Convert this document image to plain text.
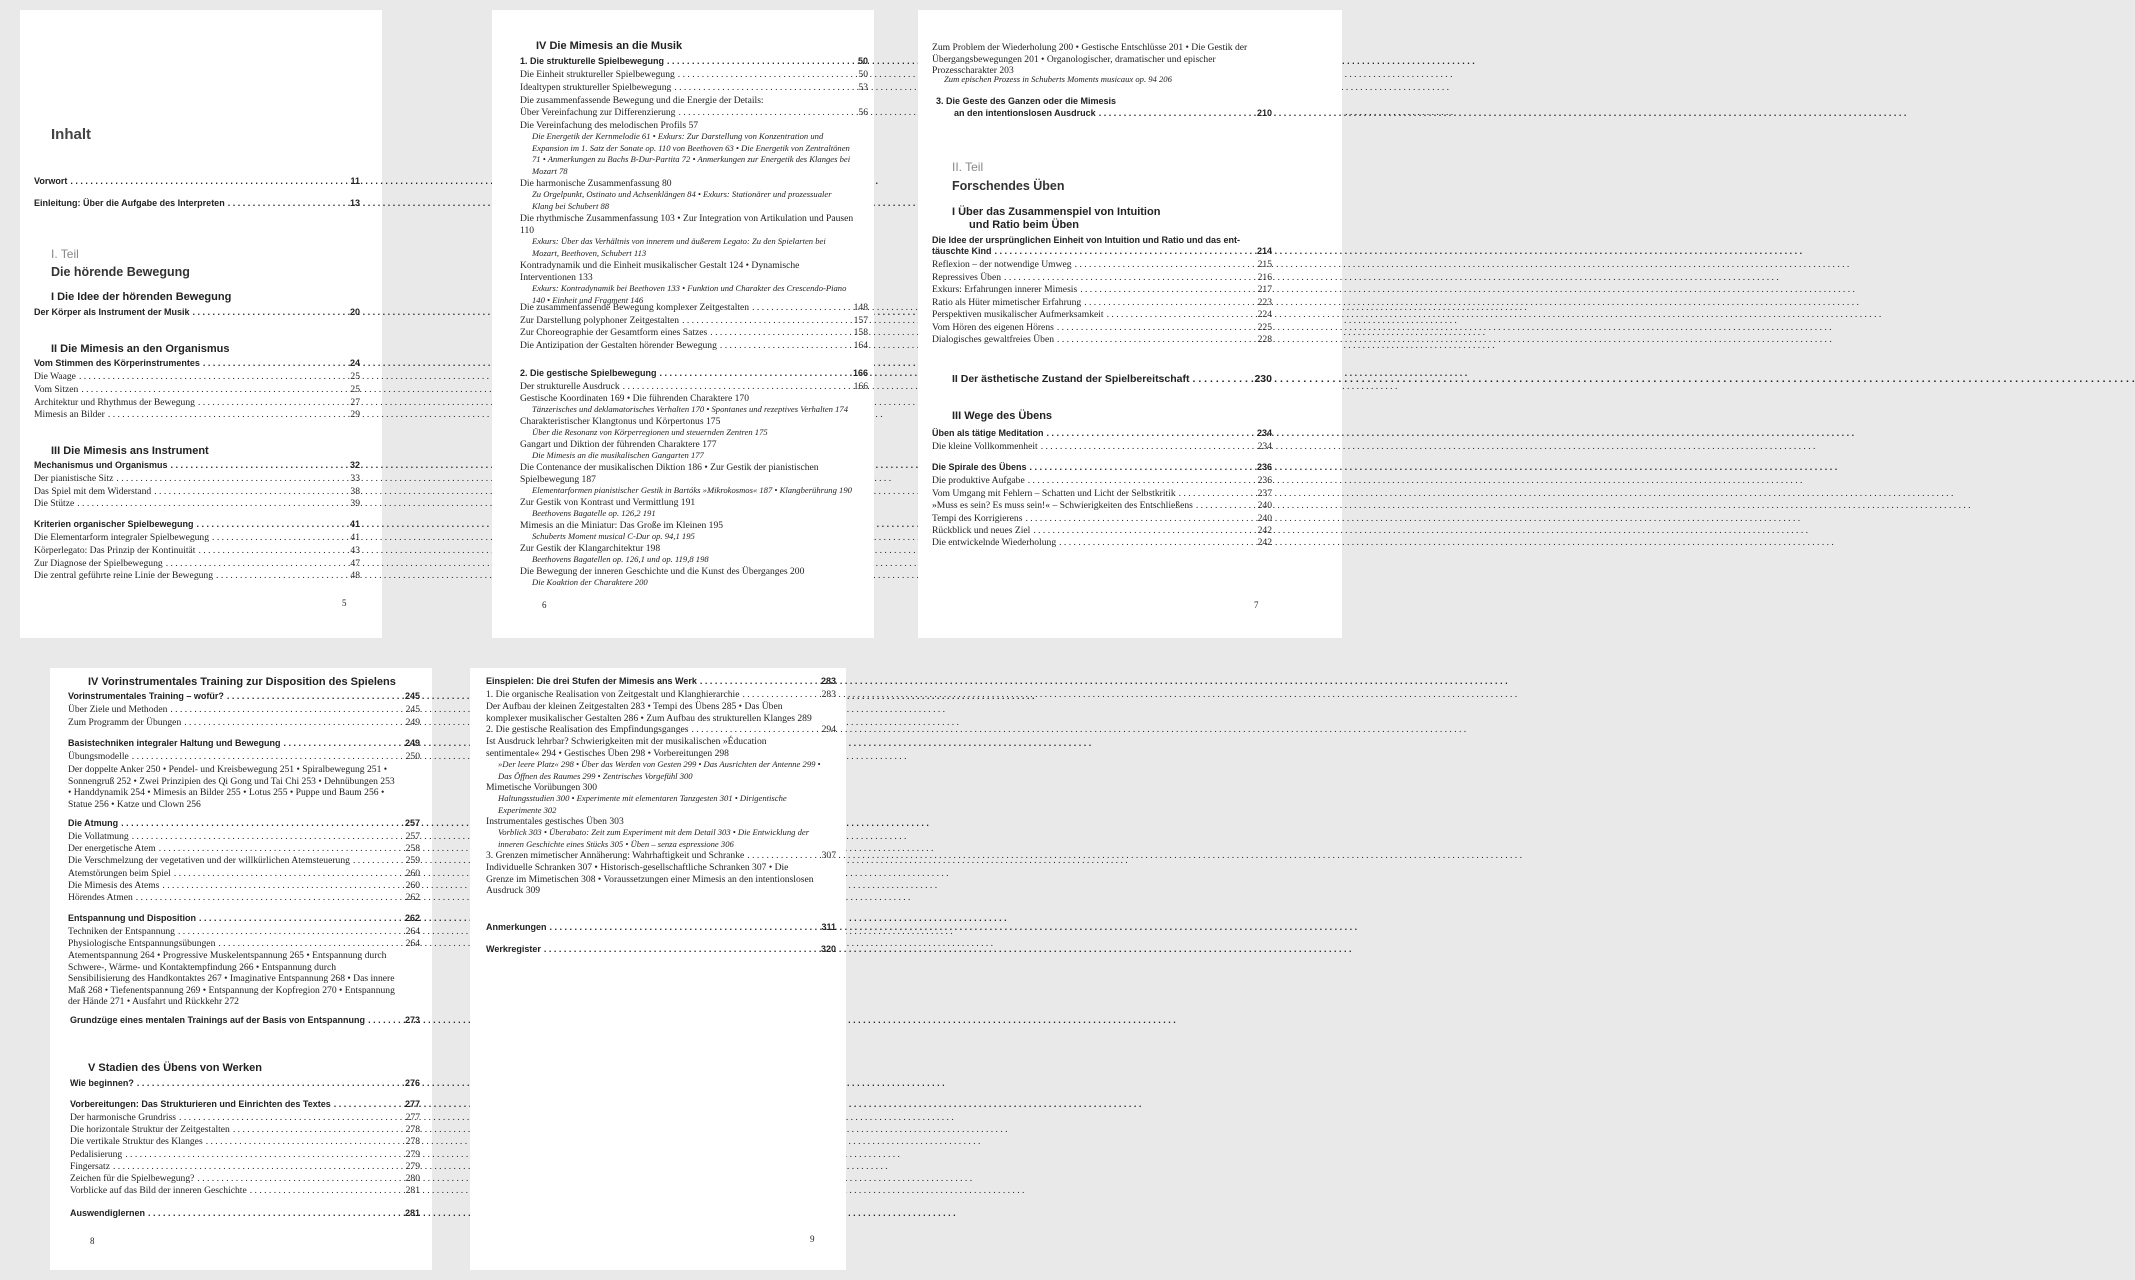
Inhalt
Vorwort . . .	11
Einleitung: Über die Aufgabe des Interpreten . . .	13
I. Teil
Die hörende Bewegung
I Die Idee der hörenden Bewegung
Der Körper als Instrument der Musik . . .	20
II Die Mimesis an den Organismus
Vom Stimmen des Körperinstrumentes . . .	24
Die Waage . . .	25
Vom Sitzen . . .	25
Architektur und Rhythmus der Bewegung . . .	27
Mimesis an Bilder . . .	29
III Die Mimesis ans Instrument
Mechanismus und Organismus . . .	32
Der pianistische Sitz . . .	33
Das Spiel mit dem Widerstand . . .	38
Die Stütze . . .	39
Kriterien organischer Spielbewegung . . .	41
Die Elementarform integraler Spielbewegung . . .	41
Körperlegato: Das Prinzip der Kontinuität . . .	43
Zur Diagnose der Spielbewegung . . .	47
Die zentral geführte reine Linie der Bewegung . . .	48
5
IV Die Mimesis an die Musik
1. Die strukturelle Spielbewegung . . .	50
Die Einheit struktureller Spielbewegung . . .	50
Idealtypen struktureller Spielbewegung . . .	53
Die zusammenfassende Bewegung und die Energie der Details:
Über Vereinfachung zur Differenzierung . . .	56
Die Vereinfachung des melodischen Profils 57
Die Energetik der Kernmelodie 61 • Exkurs: Zur Darstellung von Konzentration und Expansion im 1. Satz der Sonate op. 110 von Beethoven 63 • Die Energetik von Zentraltönen 71 • Anmerkungen zu Bachs B-Dur-Partita 72 • Anmerkungen zur Energetik des Klanges bei Mozart 78
Die harmonische Zusammenfassung 80
Zu Orgelpunkt, Ostinato und Achsenklängen 84 • Exkurs: Stationärer und prozessualer Klang bei Schubert 88
Die rhythmische Zusammenfassung 103 • Zur Integration von Artikulation und Pausen 110
Exkurs: Über das Verhältnis von innerem und äußerem Legato: Zu den Spielarten bei Mozart, Beethoven, Schubert 113
Kontradynamik und die Einheit musikalischer Gestalt 124 • Dynamische Interventionen 133
Exkurs: Kontradynamik bei Beethoven 133 • Funktion und Charakter des Crescendo-Piano 140 • Einheit und Fragment 146
Die zusammenfassende Bewegung komplexer Zeitgestalten . . .	148
Zur Darstellung polyphoner Zeitgestalten . . .	157
Zur Choreographie der Gesamtform eines Satzes . . .	158
Die Antizipation der Gestalten hörender Bewegung . . .	164
2. Die gestische Spielbewegung . . .	166
Der strukturelle Ausdruck . . .	166
Gestische Koordinaten 169 • Die führenden Charaktere 170
Tänzerisches und deklamatorisches Verhalten 170 • Spontanes und rezeptives Verhalten 174
Charakteristischer Klangtonus und Körpertonus 175
Über die Resonanz von Körperregionen und steuernden Zentren 175
Gangart und Diktion der führenden Charaktere 177
Die Mimesis an die musikalischen Gangarten 177
Die Contenance der musikalischen Diktion 186 • Zur Gestik der pianistischen Spielbewegung 187
Elementarformen pianistischer Gestik in Bartóks »Mikrokosmos« 187 • Klangberührung 190
Zur Gestik von Kontrast und Vermittlung 191
Beethovens Bagatelle op. 126,2 191
Mimesis an die Miniatur: Das Große im Kleinen 195
Schuberts Moment musical C-Dur op. 94,1 195
Zur Gestik der Klangarchitektur 198
Beethovens Bagatellen op. 126,1 und op. 119,8 198
Die Bewegung der inneren Geschichte und die Kunst des Überganges 200
Die Koaktion der Charaktere 200
6
Zum Problem der Wiederholung 200 • Gestische Entschlüsse 201 • Die Gestik der Übergangsbewegungen 201 • Organologischer, dramatischer und epischer Prozesscharakter 203
Zum epischen Prozess in Schuberts Moments musicaux op. 94 206
3. Die Geste des Ganzen oder die Mimesis
an den intentionslosen Ausdruck . . .	210
II. Teil
Forschendes Üben
I Über das Zusammenspiel von Intuition
und Ratio beim Üben
Die Idee der ursprünglichen Einheit von Intuition und Ratio und das ent-
täuschte Kind . . .	214
Reflexion – der notwendige Umweg . . .	215
Repressives Üben . . .	216
Exkurs: Erfahrungen innerer Mimesis . . .	217
Ratio als Hüter mimetischer Erfahrung . . .	223
Perspektiven musikalischer Aufmerksamkeit . . .	224
Vom Hören des eigenen Hörens . . .	225
Dialogisches gewaltfreies Üben . . .	228
II Der ästhetische Zustand der Spielbereitschaft . . .	230
III Wege des Übens
Üben als tätige Meditation . . .	234
Die kleine Vollkommenheit . . .	234
Die Spirale des Übens . . .	236
Die produktive Aufgabe . . .	236
Vom Umgang mit Fehlern – Schatten und Licht der Selbstkritik . . .	237
»Muss es sein? Es muss sein!« – Schwierigkeiten des Entschließens . . .	240
Tempi des Korrigierens . . .	240
Rückblick und neues Ziel . . .	242
Die entwickelnde Wiederholung . . .	242
7
IV Vorinstrumentales Training zur Disposition des Spielens
Vorinstrumentales Training – wofür? . . .	245
Über Ziele und Methoden . . .	245
Zum Programm der Übungen . . .	249
Basistechniken integraler Haltung und Bewegung . . .	249
Übungsmodelle . . .	250
Der doppelte Anker 250 • Pendel- und Kreisbewegung 251 • Spiralbewegung 251 • Sonnengruß 252 • Zwei Prinzipien des Qi Gong und Tai Chi 253 • Dehnübungen 253 • Handdynamik 254 • Mimesis an Bilder 255 • Lotus 255 • Puppe und Baum 256 • Statue 256 • Katze und Clown 256
Die Atmung . . .	257
Die Vollatmung . . .	257
Der energetische Atem . . .	258
Die Verschmelzung der vegetativen und der willkürlichen Atemsteuerung . . .	259
Atemstörungen beim Spiel . . .	260
Die Mimesis des Atems . . .	260
Hörendes Atmen . . .	262
Entspannung und Disposition . . .	262
Techniken der Entspannung . . .	264
Physiologische Entspannungsübungen . . .	264
Atementspannung 264 • Progressive Muskelentspannung 265 • Entspannung durch Schwere-, Wärme- und Kontaktempfindung 266 • Entspannung durch Sensibilisierung des Handkontaktes 267 • Imaginative Entspannung 268 • Das innere Maß 268 • Tiefenentspannung 269 • Entspannung der Kopfregion 270 • Entspannung der Hände 271 • Ausfahrt und Rückkehr 272
Grundzüge eines mentalen Trainings auf der Basis von Entspannung . . .	273
V Stadien des Übens von Werken
Wie beginnen? . . .	276
Vorbereitungen: Das Strukturieren und Einrichten des Textes . . .	277
Der harmonische Grundriss . . .	277
Die horizontale Struktur der Zeitgestalten . . .	278
Die vertikale Struktur des Klanges . . .	278
Pedalisierung . . .	279
Fingersatz . . .	279
Zeichen für die Spielbewegung? . . .	280
Vorblicke auf das Bild der inneren Geschichte . . .	281
Auswendiglernen . . .	281
8
Einspielen: Die drei Stufen der Mimesis ans Werk . . .	283
1. Die organische Realisation von Zeitgestalt und Klanghierarchie . . .	283
Der Aufbau der kleinen Zeitgestalten 283 • Tempi des Übens 285 • Das Üben komplexer musikalischer Gestalten 286 • Zum Aufbau des strukturellen Klanges 289
2. Die gestische Realisation des Empfindungsganges . . .	294
Ist Ausdruck lehrbar? Schwierigkeiten mit der musikalischen »Éducation sentimentale« 294 • Gestisches Üben 298 • Vorbereitungen 298
»Der leere Platz« 298 • Über das Werden von Gesten 299 • Das Ausrichten der Antenne 299 • Das Öffnen des Raumes 299 • Zentrisches Vorgefühl 300
Mimetische Vorübungen 300
Haltungsstudien 300 • Experimente mit elementaren Tanzgesten 301 • Dirigentische Experimente 302
Instrumentales gestisches Üben 303
Vorblick 303 • Überabato: Zeit zum Experiment mit dem Detail 303 • Die Entwicklung der inneren Geschichte eines Stücks 305 • Üben – senza espressione 306
3. Grenzen mimetischer Annäherung: Wahrhaftigkeit und Schranke . . .	307
Individuelle Schranken 307 • Historisch-gesellschaftliche Schranken 307 • Die Grenze im Mimetischen 308 • Voraussetzungen einer Mimesis an den intentionslosen Ausdruck 309
Anmerkungen . . .	311
Werkregister . . .	320
9
